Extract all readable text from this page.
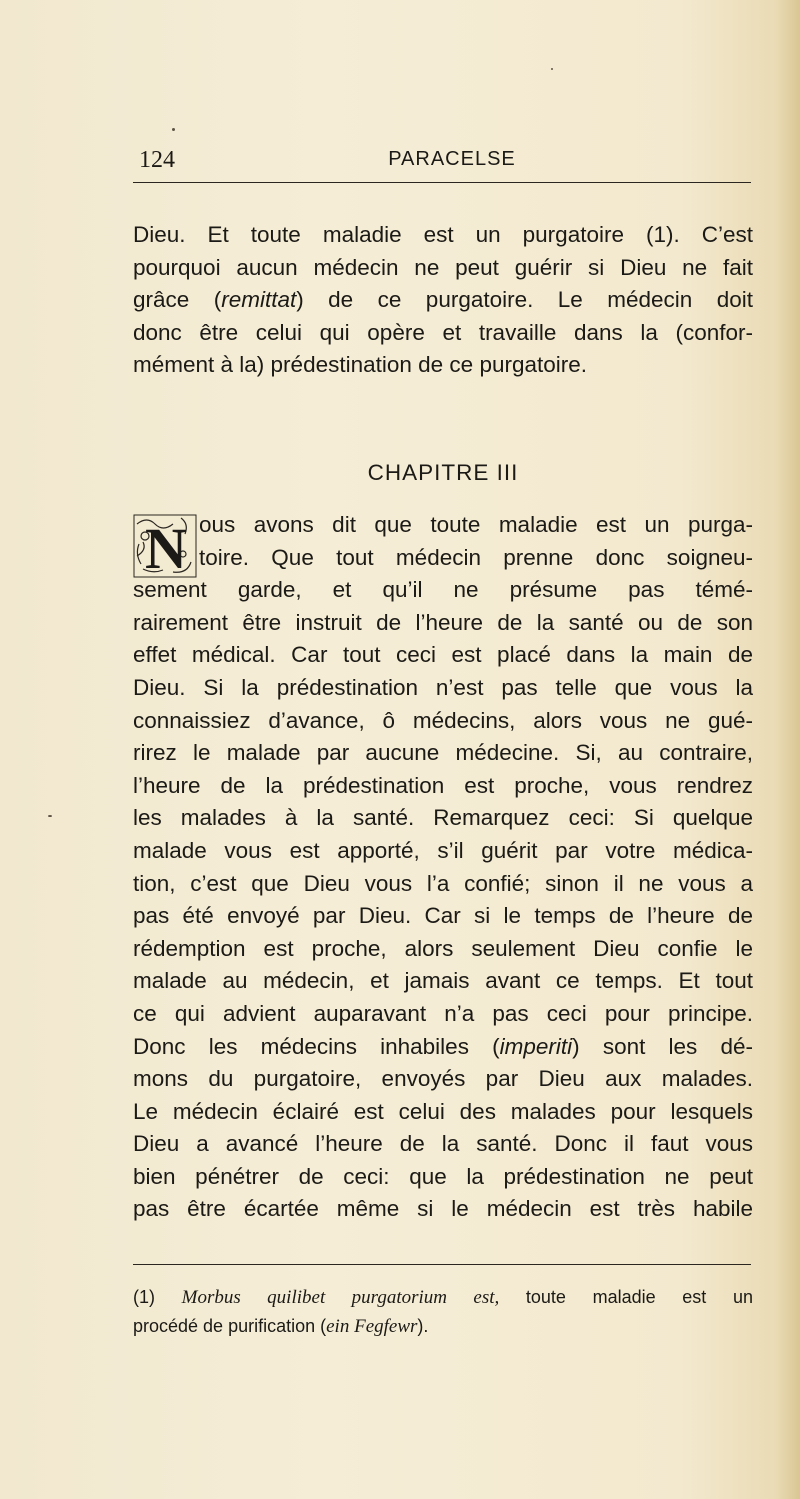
124	PARACELSE
Dieu. Et toute maladie est un purgatoire (1). C’est
pourquoi aucun médecin ne peut guérir si Dieu ne fait
grâce (remittat) de ce purgatoire. Le médecin doit
donc être celui qui opère et travaille dans la (confor-
mément à la) prédestination de ce purgatoire.
CHAPITRE III
N ous avons dit que toute maladie est un purga-
toire. Que tout médecin prenne donc soigneu-
sement garde, et qu’il ne présume pas témé-
rairement être instruit de l’heure de la santé ou de son
effet médical. Car tout ceci est placé dans la main de
Dieu. Si la prédestination n’est pas telle que vous la
connaissiez d’avance, ô médecins, alors vous ne gué-
rirez le malade par aucune médecine. Si, au contraire,
l’heure de la prédestination est proche, vous rendrez
les malades à la santé. Remarquez ceci: Si quelque
malade vous est apporté, s’il guérit par votre médica-
tion, c’est que Dieu vous l’a confié; sinon il ne vous a
pas été envoyé par Dieu. Car si le temps de l’heure de
rédemption est proche, alors seulement Dieu confie le
malade au médecin, et jamais avant ce temps. Et tout
ce qui advient auparavant n’a pas ceci pour principe.
Donc les médecins inhabiles (imperiti) sont les dé-
mons du purgatoire, envoyés par Dieu aux malades.
Le médecin éclairé est celui des malades pour lesquels
Dieu a avancé l’heure de la santé. Donc il faut vous
bien pénétrer de ceci: que la prédestination ne peut
pas être écartée même si le médecin est très habile
(1) Morbus quilibet purgatorium est, toute maladie est un
procédé de purification (ein Fegfewr).
